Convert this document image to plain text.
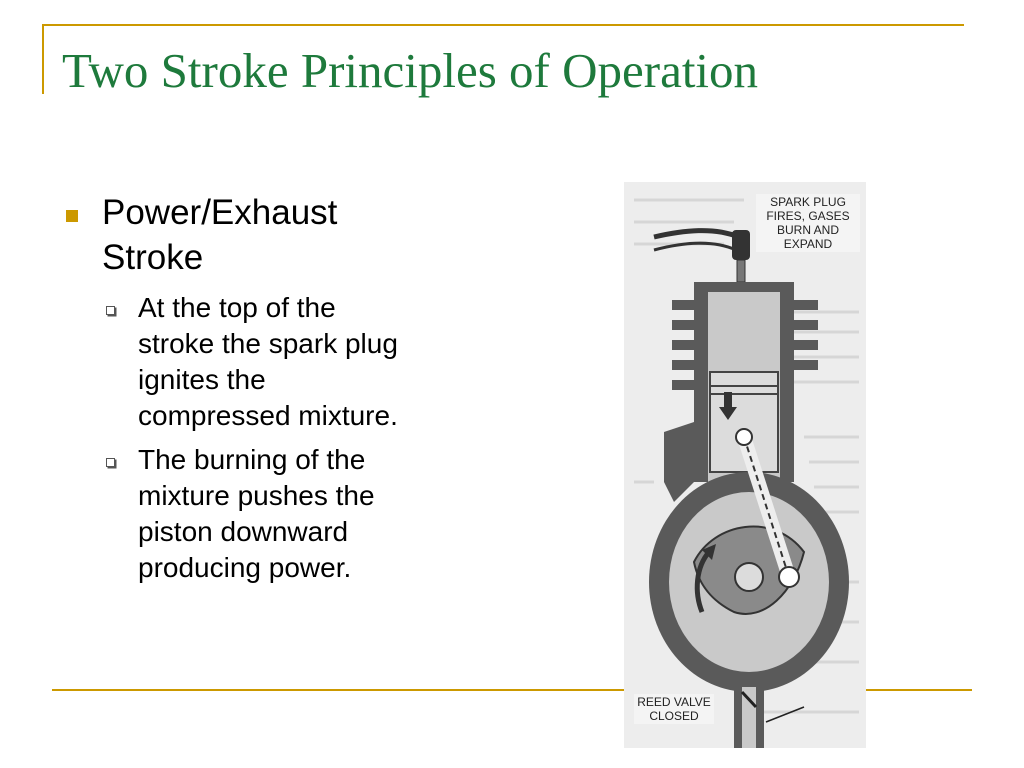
Two Stroke Principles of Operation
Power/Exhaust
Stroke
At the top of the
stroke the spark plug
ignites the
compressed mixture.
The burning of the
mixture pushes the
piston downward
producing power.
SPARK PLUG
FIRES, GASES
BURN AND
EXPAND
REED VALVE
CLOSED
